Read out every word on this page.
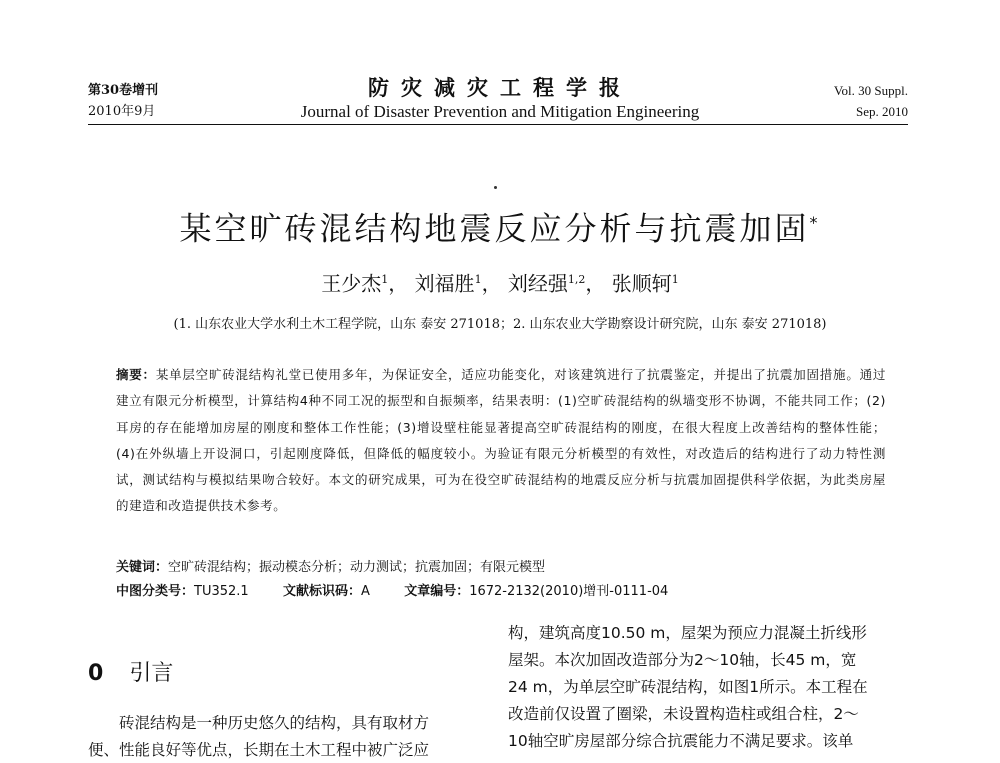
第30卷增刊
2010年9月
防灾减灾工程学报
Journal of Disaster Prevention and Mitigation Engineering
Vol. 30 Suppl.
Sep. 2010
某空旷砖混结构地震反应分析与抗震加固*
王少杰$^1$， 刘福胜$^1$， 刘经强$^{1,2}$， 张顺轲$^1$
(1. 山东农业大学水利土木工程学院，山东 泰安 271018；2. 山东农业大学勘察设计研究院，山东 泰安 271018)
摘要：某单层空旷砖混结构礼堂已使用多年，为保证安全，适应功能变化，对该建筑进行了抗震鉴定，并提出了抗震加固措施。通过建立有限元分析模型，计算结构4种不同工况的振型和自振频率，结果表明：(1)空旷砖混结构的纵墙变形不协调，不能共同工作；(2)耳房的存在能增加房屋的刚度和整体工作性能；(3)增设壁柱能显著提高空旷砖混结构的刚度，在很大程度上改善结构的整体性能；(4)在外纵墙上开设洞口，引起刚度降低，但降低的幅度较小。为验证有限元分析模型的有效性，对改造后的结构进行了动力特性测试，测试结构与模拟结果吻合较好。本文的研究成果，可为在役空旷砖混结构的地震反应分析与抗震加固提供科学依据，为此类房屋的建造和改造提供技术参考。
关键词：空旷砖混结构；振动模态分析；动力测试；抗震加固；有限元模型
中图分类号：TU352.1	文献标识码：A	文章编号：1672-2132(2010)增刊-0111-04
0 引言
砖混结构是一种历史悠久的结构，具有取材方
便、性能良好等优点，长期在土木工程中被广泛应
构，建筑高度10.50 m，屋架为预应力混凝土折线形
屋架。本次加固改造部分为2～10轴，长45 m，宽
24 m，为单层空旷砖混结构，如图1所示。本工程在
改造前仅设置了圈梁，未设置构造柱或组合柱，2～
10轴空旷房屋部分综合抗震能力不满足要求。该单
